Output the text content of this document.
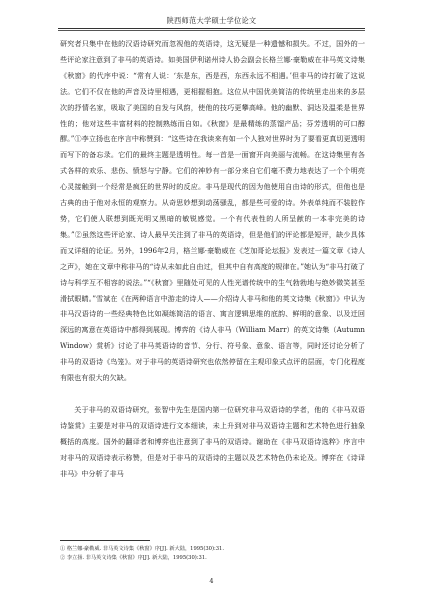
陕西师范大学硕士学位论文

研究者只集中在他的汉语诗研究而忽视他的英语诗，这无疑是一种遗憾和损失。不过，国外的一些评论家注意到了非马的英语诗。如美国伊利诺州诗人协会副会长格兰娜·豪勒威在非马英文诗集《秋窗》的代序中说：“常有人说：‘东是东，西是西，东西永远不相遇。’但非马的诗打破了这说法。它们不仅在他的声音及诗里相遇，更相握相抱。这位从中国优美简洁的传统里走出来的多层次的抒情名家，吸取了美国的自发与风韵，使他的技巧更攀高峰。他的幽默、洞达及温柔是世界性的；他对这些丰富材料的控制熟练而自如。《秋窗》是最精练的蒸馏产品；芬芳透明的可口醇醪。”①李立扬也在序言中称赞到：“这些诗在我读来有如一个人独对世界时为了要看更真切更透明而写下的备忘录。它们的最终主题是透明性。每一首是一面窗开向美丽与流畅。在这诗集里有各式各样的欢乐、悲伤、愤怒与宁静。它们的神妙有一部分来自它们毫不费力地表达了一个个明亮心灵接触到一个经常是疯狂的世界时的反应。非马是现代的因为他使用自由诗的形式，但他也是古典的由于他对永恒的观察力。从奇思妙想到动荡骚乱，都是些可爱的诗。外表单纯而不装腔作势，它们使人联想到既光明又黑暗的敏锐感觉。一个有代表性的人所呈献的一本非完美的诗集。”②虽然这些评论家、诗人最早关注到了非马的英语诗，但是他们的评论都是短评，缺少具体而又详细的论证。另外，1996年2月，格兰娜·豪勒威在《芝加哥论坛报》发表过一篇文章《诗人之声》，她在文章中称非马的“诗从未如此自由过，但其中自有高度的规律在。”她认为“非马打破了诗与科学互不相容的说法。”“《秋窗》里随处可见的人性光谱传统中的生气勃勃地与绝妙微笑甚至滑拭眼睛。”雪斌在《在两种语言中游走的诗人——介绍诗人非马和他的英文诗集《秋窗》》中认为非马汉语诗的一些经典特色比如凝练简洁的语言、寓言逻辑思维的底韵、鲜明的意象、以及迁回深远的寓意在英语诗中都得到展现。博弈的《诗人非马（William Marr）的英文诗集（Autumn Window）赏析》讨论了非马英语诗的音节、分行、符号象、意象、语言等，同时还讨论分析了非马的双语诗《鸟笼》。对于非马的英语诗研究也依然停留在主观印象式点评的层面，专门化程度有限也有很大的欠缺。

关于非马的双语诗研究，张智中先生是国内第一位研究非马双语诗的学者，他的《非马双语诗鉴赏》主要是对非马的双语诗进行文本细读，未上升到对非马双语诗主题和艺术特色进行抽象概括的高度。国外的翻译者和博弈也注意到了非马的双语诗。谢助在《非马双语诗选粹》序言中对非马的双语诗表示称赞，但是对于非马的双语诗的主题以及艺术特色仍未论及。博弈在《诗译非马》中分析了非马

① 格兰娜·豪勒威. 非马英文诗集《秋窗》序[J]. 新大陆，1995(30):31.

② 李立扬. 非马英文诗集《秋窗》序[J]. 新大陆，1995(30):31.

4
